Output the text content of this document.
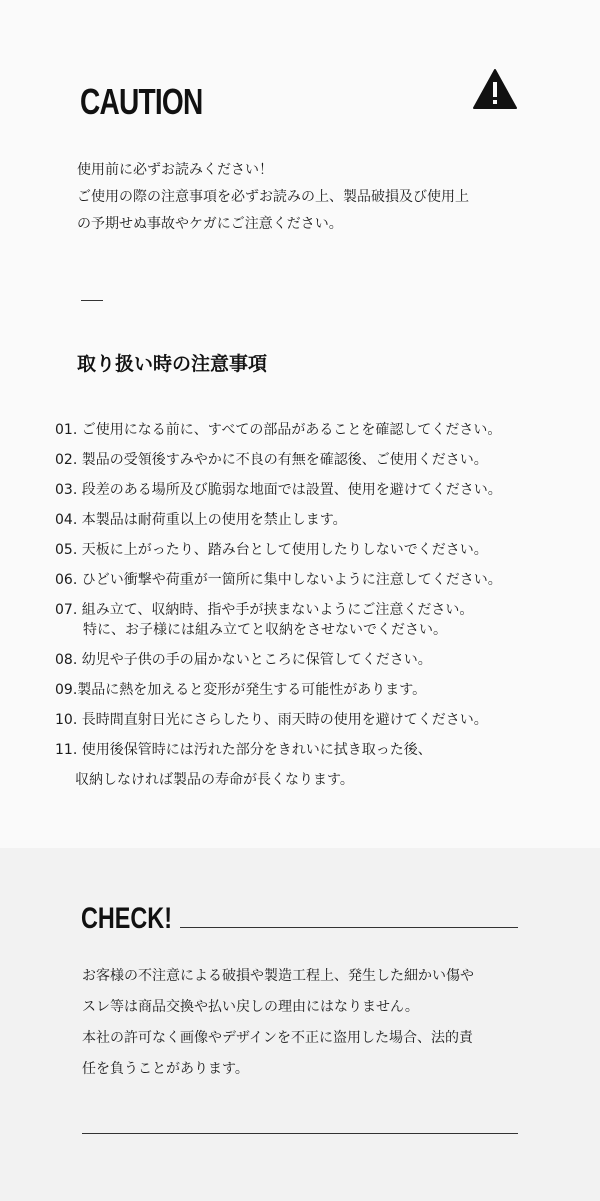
CAUTION
使用前に必ずお読みください！
ご使用の際の注意事項を必ずお読みの上、製品破損及び使用上
の予期せぬ事故やケガにご注意ください。
取り扱い時の注意事項
01. ご使用になる前に、すべての部品があることを確認してください。
02. 製品の受領後すみやかに不良の有無を確認後、ご使用ください。
03. 段差のある場所及び脆弱な地面では設置、使用を避けてください。
04. 本製品は耐荷重以上の使用を禁止します。
05. 天板に上がったり、踏み台として使用したりしないでください。
06. ひどい衝撃や荷重が一箇所に集中しないように注意してください。
07. 組み立て、収納時、指や手が挟まないようにご注意ください。
特に、お子様には組み立てと収納をさせないでください。
08. 幼児や子供の手の届かないところに保管してください。
09.製品に熱を加えると変形が発生する可能性があります。
10. 長時間直射日光にさらしたり、雨天時の使用を避けてください。
11. 使用後保管時には汚れた部分をきれいに拭き取った後、
収納しなければ製品の寿命が長くなります。
CHECK!
お客様の不注意による破損や製造工程上、発生した細かい傷や
スレ等は商品交換や払い戻しの理由にはなりません。
本社の許可なく画像やデザインを不正に盗用した場合、法的責
任を負うことがあります。
